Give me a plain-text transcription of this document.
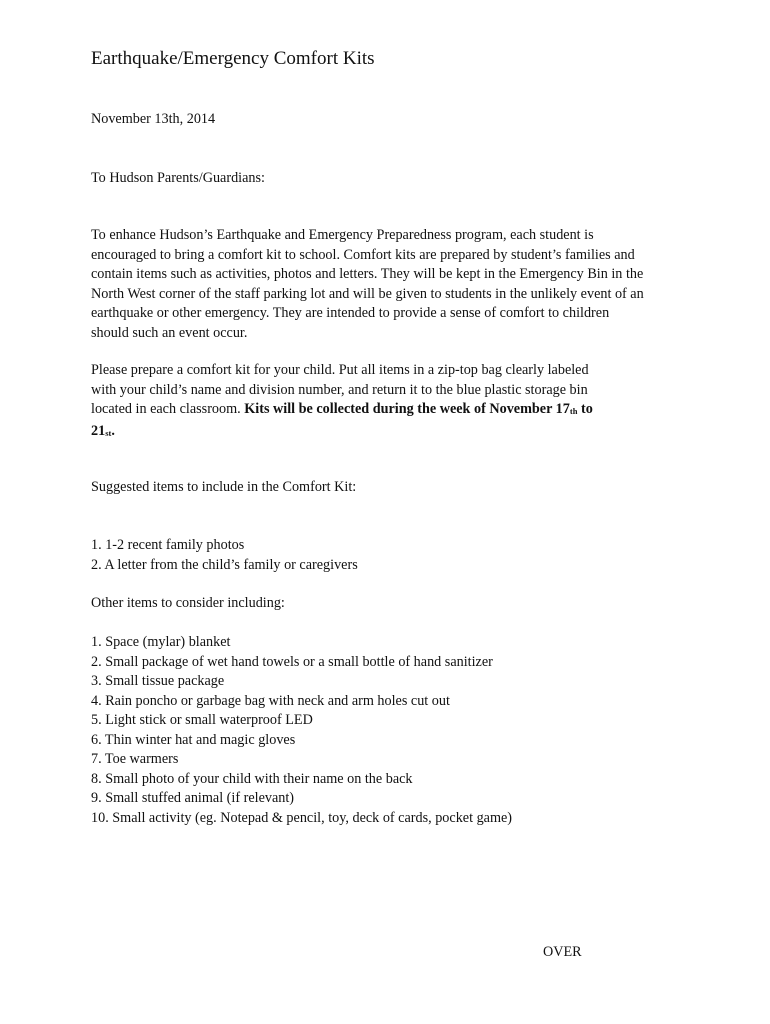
Earthquake/Emergency Comfort Kits
November 13th, 2014
To Hudson Parents/Guardians:
To enhance Hudson’s Earthquake and Emergency Preparedness program, each student is
encouraged to bring a comfort kit to school. Comfort kits are prepared by student’s families and
contain items such as activities, photos and letters. They will be kept in the Emergency Bin in the
North West corner of the staff parking lot and will be given to students in the unlikely event of an
earthquake or other emergency. They are intended to provide a sense of comfort to children
should such an event occur.
Please prepare a comfort kit for your child. Put all items in a zip-top bag clearly labeled
with your child’s name and division number, and return it to the blue plastic storage bin
located in each classroom. Kits will be collected during the week of November 17th to
21st.
Suggested items to include in the Comfort Kit:
1. 1-2 recent family photos
2. A letter from the child’s family or caregivers
Other items to consider including:
1. Space (mylar) blanket
2. Small package of wet hand towels or a small bottle of hand sanitizer
3. Small tissue package
4. Rain poncho or garbage bag with neck and arm holes cut out
5. Light stick or small waterproof LED
6. Thin winter hat and magic gloves
7. Toe warmers
8. Small photo of your child with their name on the back
9. Small stuffed animal (if relevant)
10. Small activity (eg. Notepad & pencil, toy, deck of cards, pocket game)
OVER
